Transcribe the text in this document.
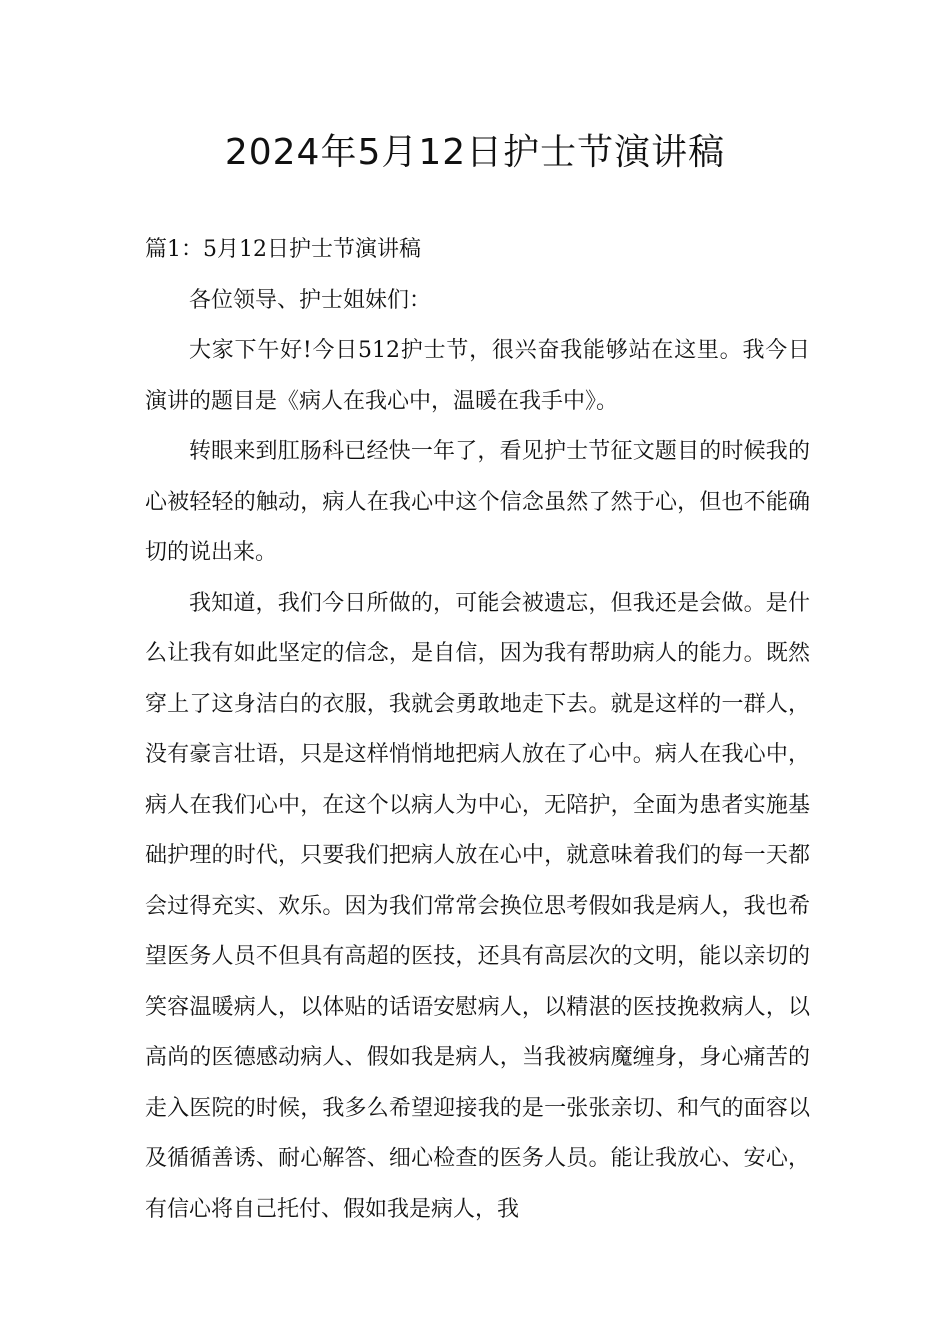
2024年5月12日护士节演讲稿

篇1：5月12日护士节演讲稿

各位领导、护士姐妹们：

大家下午好!今日512护士节，很兴奋我能够站在这里。我今日演讲的题目是《病人在我心中，温暖在我手中》。

转眼来到肛肠科已经快一年了，看见护士节征文题目的时候我的心被轻轻的触动，病人在我心中这个信念虽然了然于心，但也不能确切的说出来。

我知道，我们今日所做的，可能会被遗忘，但我还是会做。是什么让我有如此坚定的信念，是自信，因为我有帮助病人的能力。既然穿上了这身洁白的衣服，我就会勇敢地走下去。就是这样的一群人，没有豪言壮语，只是这样悄悄地把病人放在了心中。病人在我心中，病人在我们心中，在这个以病人为中心，无陪护，全面为患者实施基础护理的时代，只要我们把病人放在心中，就意味着我们的每一天都会过得充实、欢乐。因为我们常常会换位思考假如我是病人，我也希望医务人员不但具有高超的医技，还具有高层次的文明，能以亲切的笑容温暖病人，以体贴的话语安慰病人，以精湛的医技挽救病人，以高尚的医德感动病人、假如我是病人，当我被病魔缠身，身心痛苦的走入医院的时候，我多么希望迎接我的是一张张亲切、和气的面容以及循循善诱、耐心解答、细心检查的医务人员。能让我放心、安心，有信心将自己托付、假如我是病人，我
